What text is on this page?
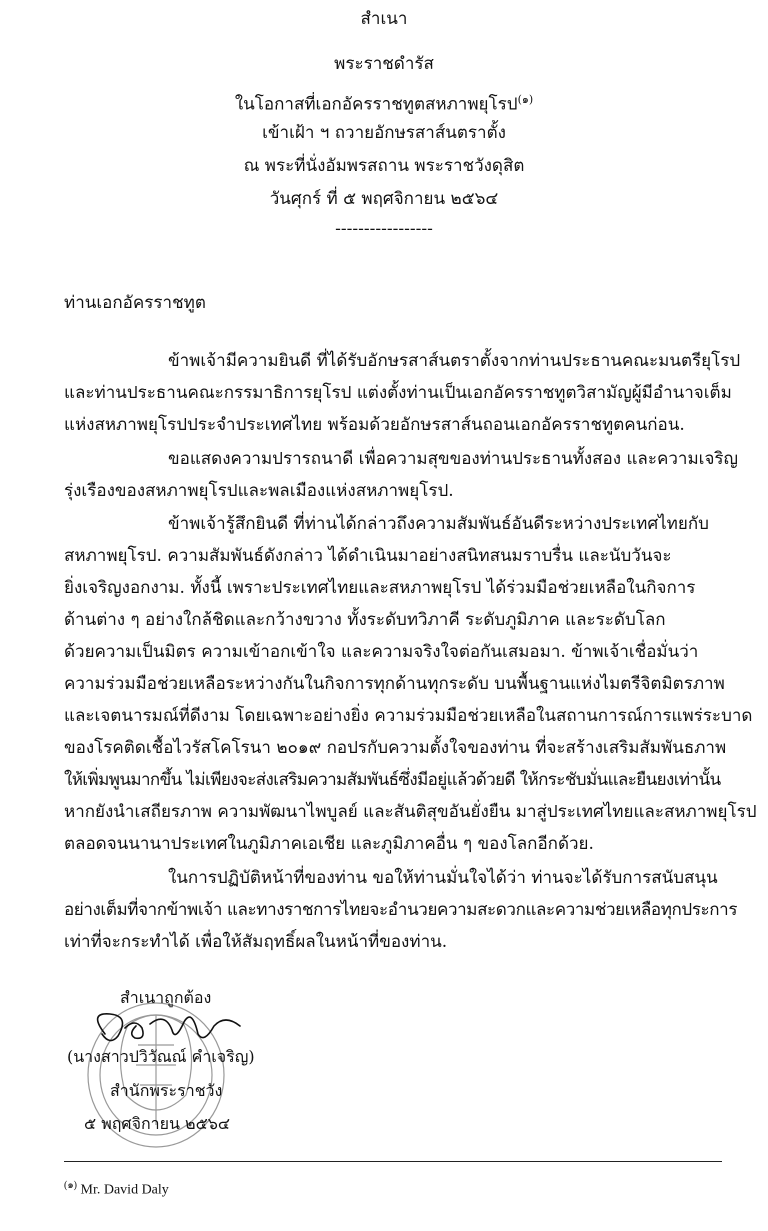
สำเนา
พระราชดำรัส
ในโอกาสที่เอกอัครราชทูตสหภาพยุโรป$^{(๑)}$
เข้าเฝ้า ฯ ถวายอักษรสาส์นตราตั้ง
ณ พระที่นั่งอัมพรสถาน พระราชวังดุสิต
วันศุกร์ ที่ ๕ พฤศจิกายน ๒๕๖๔
-----------------
ท่านเอกอัครราชทูต
ข้าพเจ้ามีความยินดี ที่ได้รับอักษรสาส์นตราตั้งจากท่านประธานคณะมนตรียุโรป
และท่านประธานคณะกรรมาธิการยุโรป แต่งตั้งท่านเป็นเอกอัครราชทูตวิสามัญผู้มีอำนาจเต็ม
แห่งสหภาพยุโรปประจำประเทศไทย พร้อมด้วยอักษรสาส์นถอนเอกอัครราชทูตคนก่อน.
ขอแสดงความปรารถนาดี เพื่อความสุขของท่านประธานทั้งสอง และความเจริญ
รุ่งเรืองของสหภาพยุโรปและพลเมืองแห่งสหภาพยุโรป.
ข้าพเจ้ารู้สึกยินดี ที่ท่านได้กล่าวถึงความสัมพันธ์อันดีระหว่างประเทศไทยกับ
สหภาพยุโรป. ความสัมพันธ์ดังกล่าว ได้ดำเนินมาอย่างสนิทสนมราบรื่น และนับวันจะ
ยิ่งเจริญงอกงาม. ทั้งนี้ เพราะประเทศไทยและสหภาพยุโรป ได้ร่วมมือช่วยเหลือในกิจการ
ด้านต่าง ๆ อย่างใกล้ชิดและกว้างขวาง ทั้งระดับทวิภาคี ระดับภูมิภาค และระดับโลก
ด้วยความเป็นมิตร ความเข้าอกเข้าใจ และความจริงใจต่อกันเสมอมา. ข้าพเจ้าเชื่อมั่นว่า
ความร่วมมือช่วยเหลือระหว่างกันในกิจการทุกด้านทุกระดับ บนพื้นฐานแห่งไมตรีจิตมิตรภาพ
และเจตนารมณ์ที่ดีงาม โดยเฉพาะอย่างยิ่ง ความร่วมมือช่วยเหลือในสถานการณ์การแพร่ระบาด
ของโรคติดเชื้อไวรัสโคโรนา ๒๐๑๙ กอปรกับความตั้งใจของท่าน ที่จะสร้างเสริมสัมพันธภาพ
ให้เพิ่มพูนมากขึ้น ไม่เพียงจะส่งเสริมความสัมพันธ์ซึ่งมีอยู่แล้วด้วยดี ให้กระชับมั่นและยืนยงเท่านั้น
หากยังนำเสถียรภาพ ความพัฒนาไพบูลย์ และสันติสุขอันยั่งยืน มาสู่ประเทศไทยและสหภาพยุโรป
ตลอดจนนานาประเทศในภูมิภาคเอเชีย และภูมิภาคอื่น ๆ ของโลกอีกด้วย.
ในการปฏิบัติหน้าที่ของท่าน ขอให้ท่านมั่นใจได้ว่า ท่านจะได้รับการสนับสนุน
อย่างเต็มที่จากข้าพเจ้า และทางราชการไทยจะอำนวยความสะดวกและความช่วยเหลือทุกประการ
เท่าที่จะกระทำได้ เพื่อให้สัมฤทธิ์ผลในหน้าที่ของท่าน.
สำเนาถูกต้อง
(นางสาวปวิวัณณ์ คำเจริญ)
สำนักพระราชวัง
๕ พฤศจิกายน ๒๕๖๔
$^{(๑)}$ Mr. David Daly
